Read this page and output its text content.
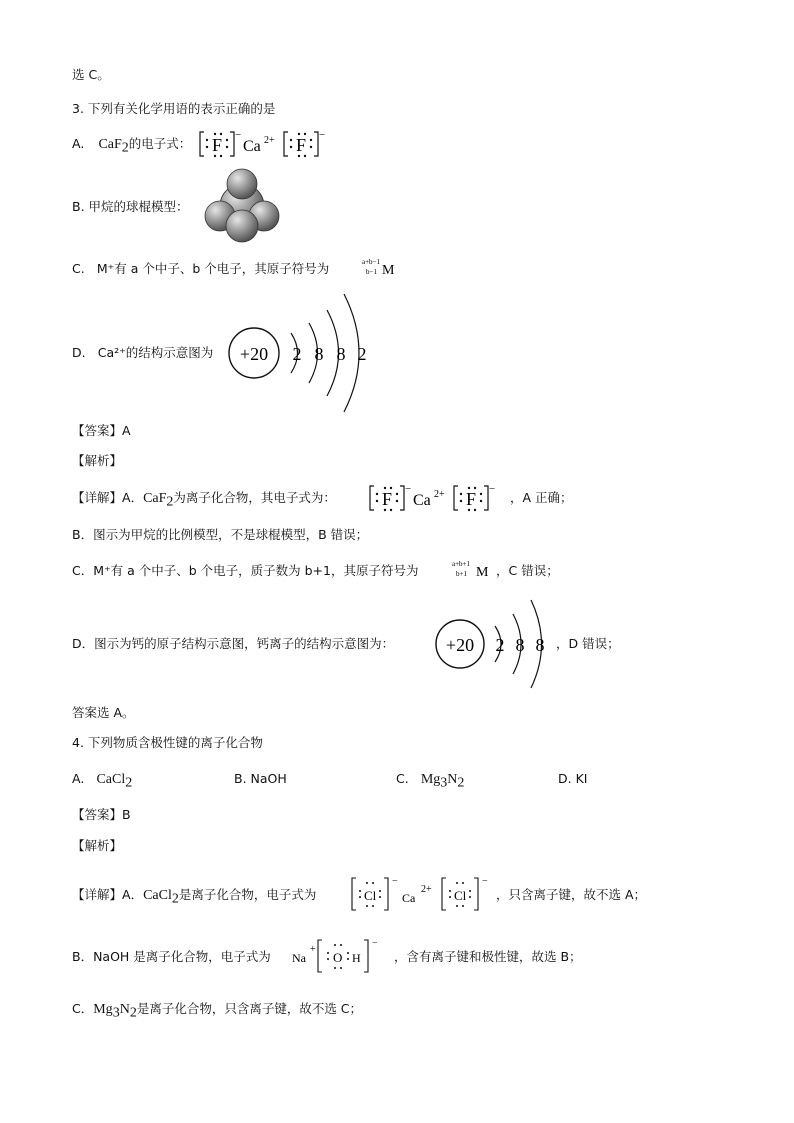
选 C。
3. 下列有关化学用语的表示正确的是
A. CaF$_2$的电子式： F −
Ca 2+ F −
B. 甲烷的球棍模型：
C. M⁺有 a 个中子、b 个电子，其原子符号为	a+b−1
b−1 M
D. Ca²⁺的结构示意图为 +20 2 8 8 2
【答案】A
【解析】
【详解】A．CaF$_2$为离子化合物，其电子式为：	F −
Ca 2+ F −
，A 正确；
B．图示为甲烷的比例模型，不是球棍模型，B 错误；
C．M⁺有 a 个中子、b 个电子，质子数为 b+1，其原子符号为	a+b+1
b+1 M ，C 错误；
D．图示为钙的原子结构示意图，钙离子的结构示意图为：	+20 2 8 8 ，D 错误；
答案选 A。
4. 下列物质含极性键的离子化合物
A. CaCl$_2$	B. NaOH	C. $Mg_3N_2$	D. KI
【答案】B
【解析】
【详解】A．CaCl$_2$是离子化合物，电子式为	Cl
−
Ca
2+ Cl
−
，只含离子键，故不选 A；
B．NaOH 是离子化合物，电子式为 Na
+
O H
−
，含有离子键和极性键，故选 B；
C．$Mg_3N_2$是离子化合物，只含离子键，故不选 C；
